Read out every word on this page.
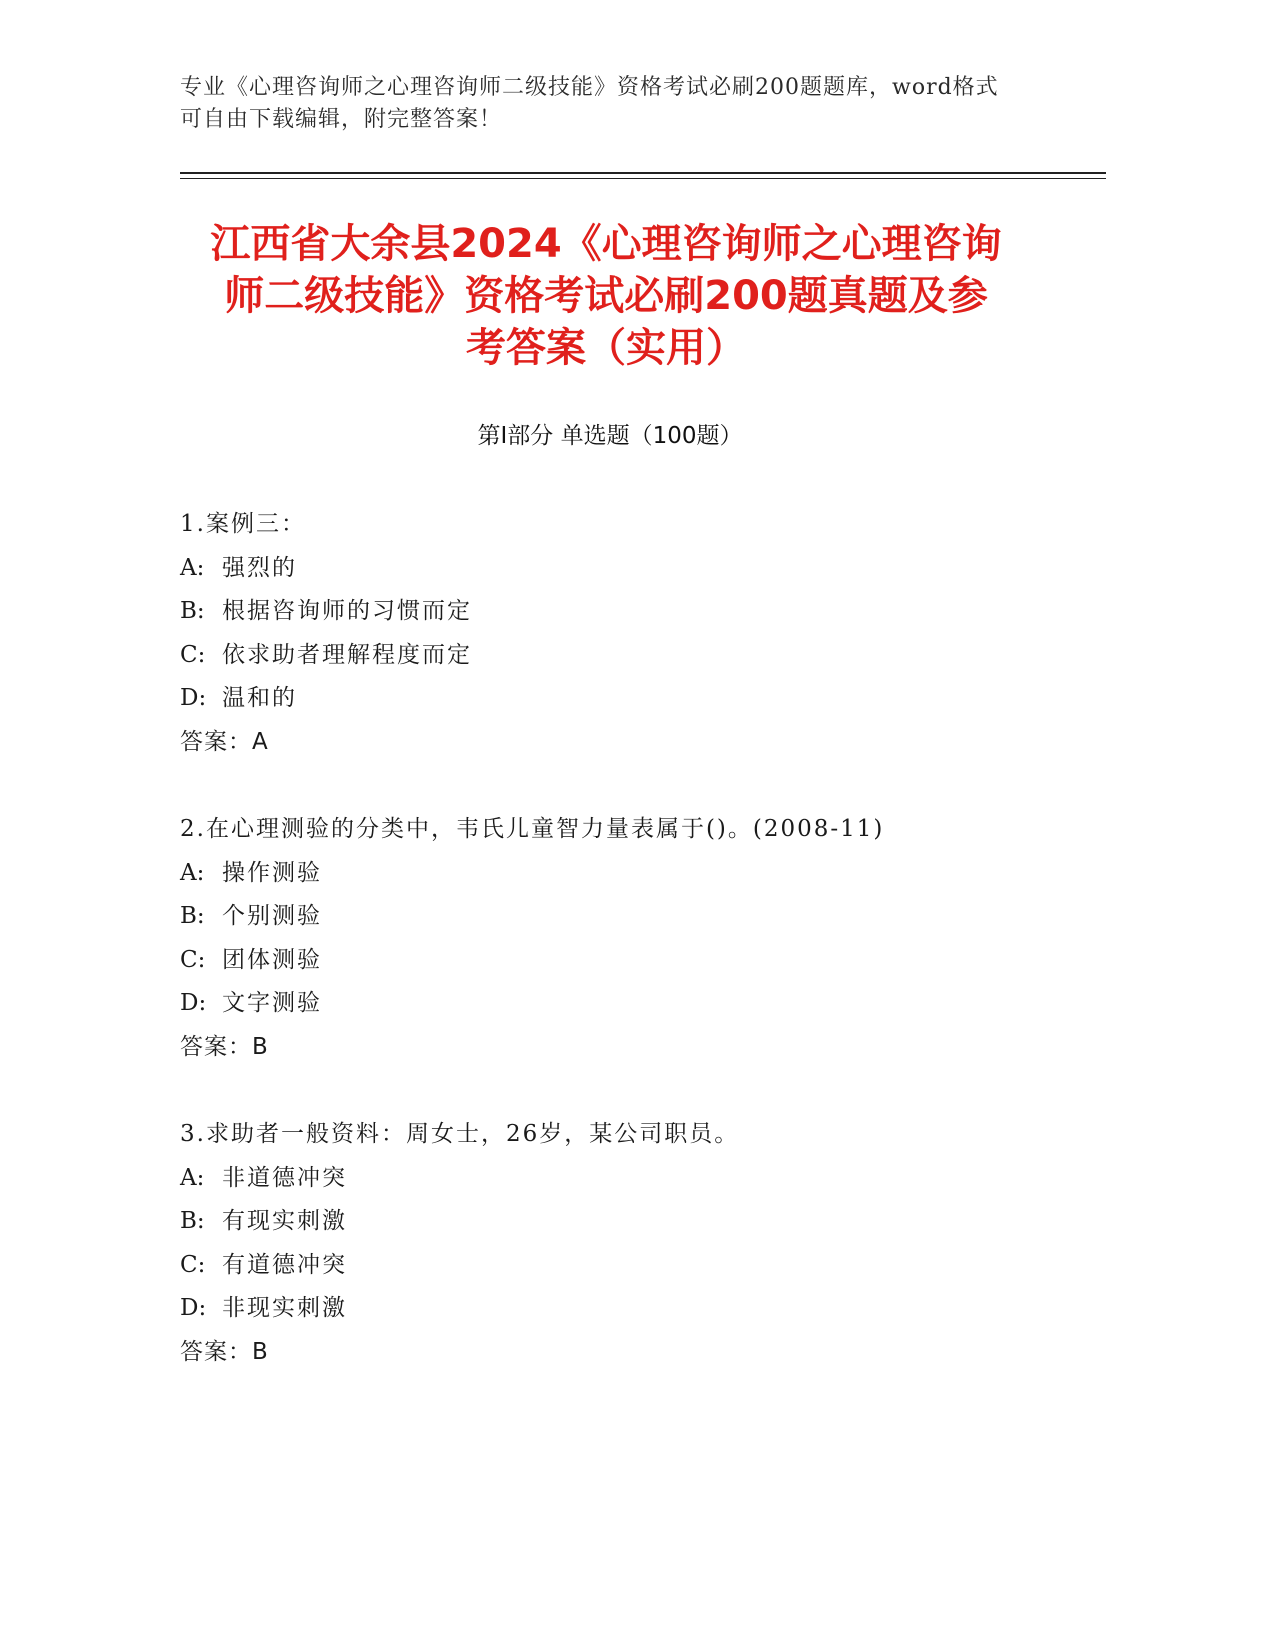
专业《心理咨询师之心理咨询师二级技能》资格考试必刷200题题库，word格式
可自由下载编辑，附完整答案！
江西省大余县2024《心理咨询师之心理咨询
师二级技能》资格考试必刷200题真题及参
考答案（实用）
第I部分 单选题（100题）
1.案例三：
A: 强烈的
B: 根据咨询师的习惯而定
C: 依求助者理解程度而定
D: 温和的
答案：A
2.在心理测验的分类中，韦氏儿童智力量表属于()。(2008-11)
A: 操作测验
B: 个别测验
C: 团体测验
D: 文字测验
答案：B
3.求助者一般资料：周女士，26岁，某公司职员。
A: 非道德冲突
B: 有现实刺激
C: 有道德冲突
D: 非现实刺激
答案：B
